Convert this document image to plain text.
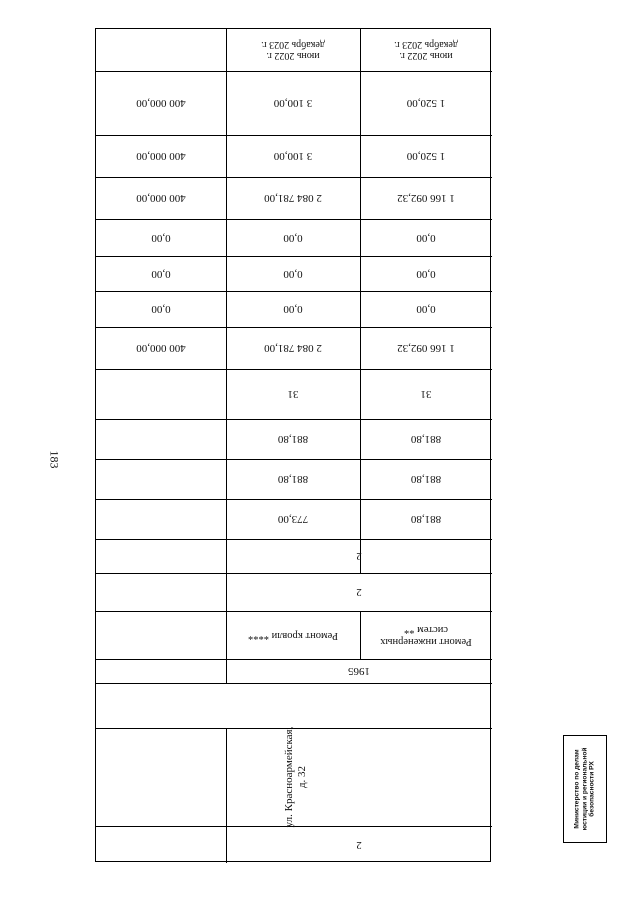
183
июнь 2022 г.
декабрь 2023 г.
июнь 2022 г.
декабрь 2023 г.
1 520,00
3 100,00
400 000,00
1 520,00
3 100,00
400 000,00
1 166 092,32
2 084 781,00
400 000,00
0,00
0,00
0,00
0,00
0,00
0,00
0,00
0,00
0,00
1 166 092,32
2 084 781,00
400 000,00
31
31
881,80
881,80
881,80
881,80
881,80
773,00
2
2
Ремонт инженерных
систем **
Ремонт кровли ****
1965
ул. Красноармейская,
д. 32
2
Министерство по делам
юстиции и региональной
безопасности РХ
